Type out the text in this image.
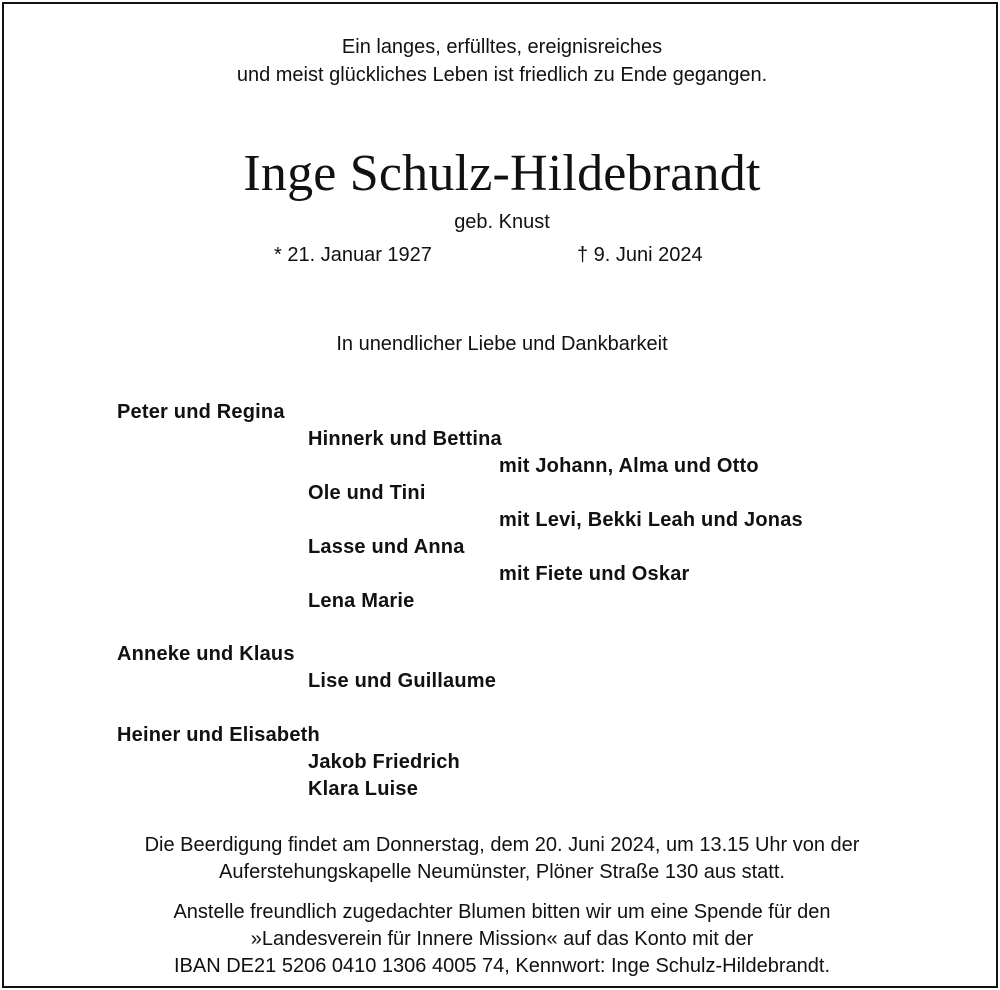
Ein langes, erfülltes, ereignisreiches
und meist glückliches Leben ist friedlich zu Ende gegangen.
Inge Schulz-Hildebrandt
geb. Knust
* 21. Januar 1927	† 9. Juni 2024
In unendlicher Liebe und Dankbarkeit
Peter und Regina
Hinnerk und Bettina
mit Johann, Alma und Otto
Ole und Tini
mit Levi, Bekki Leah und Jonas
Lasse und Anna
mit Fiete und Oskar
Lena Marie
Anneke und Klaus
Lise und Guillaume
Heiner und Elisabeth
Jakob Friedrich
Klara Luise
Die Beerdigung findet am Donnerstag, dem 20. Juni 2024, um 13.15 Uhr von der
Auferstehungskapelle Neumünster, Plöner Straße 130 aus statt.
Anstelle freundlich zugedachter Blumen bitten wir um eine Spende für den
»Landesverein für Innere Mission« auf das Konto mit der
IBAN DE21 5206 0410 1306 4005 74, Kennwort: Inge Schulz-Hildebrandt.
